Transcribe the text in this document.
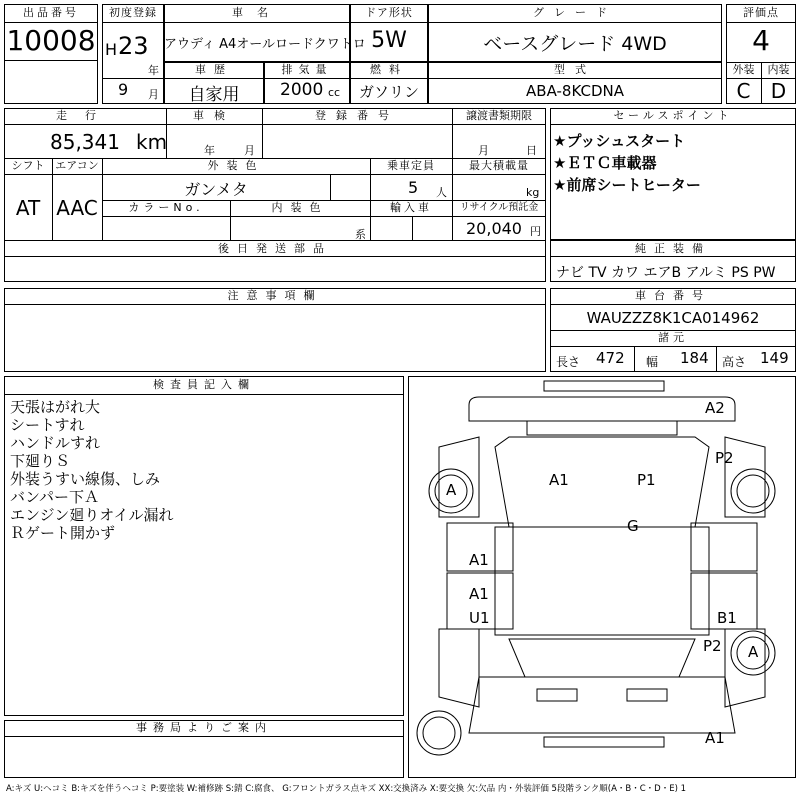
出品番号
10008
初度登録
H 23
年
9 月
車名
アウディ A4オールロードクワトロ
ドア形状
5W
グレード
ベースグレード 4WD
評価点
4
外装	内装
C	D
車歴
自家用
排気量
2000 cc
燃料
ガソリン
型式
ABA-8KCDNA
走行
85,341 km
車検
年	月
登録番号	譲渡書類期限
月	日
シフト エアコン
AT AAC
外装色
ガンメタ
乗車定員
5 人
最大積載量
kg
カラーNo.	内装色
系
輸入車	リサイクル預託金
20,040 円
後日発送部品
セールスポイント
★プッシュスタート
★ＥＴＣ車載器
★前席シートヒーター
純正装備
ナビ TV カワ エアB アルミ PS PW
注意事項欄	車台番号
WAUZZZ8K1CA014962
諸元
長さ 472 幅 184 高さ 149
検査員記入欄
天張はがれ大
シートすれ
ハンドルすれ
下廻りＳ
外装うすい線傷、しみ
バンパー下Ａ
エンジン廻りオイル漏れ
Ｒゲート開かず
事務局よりご案内
A2
P2
A
A1	P1
G
A1
A1
U1	B1
P2 A
A1
A:キズ U:ヘコミ B:キズを伴うヘコミ P:要塗装 W:補修跡 S:錆 C:腐食、 G:フロントガラス点キズ XX:交換済み X:要交換 欠:欠品 内・外装評価 5段階ランク順(A・B・C・D・E) 1
